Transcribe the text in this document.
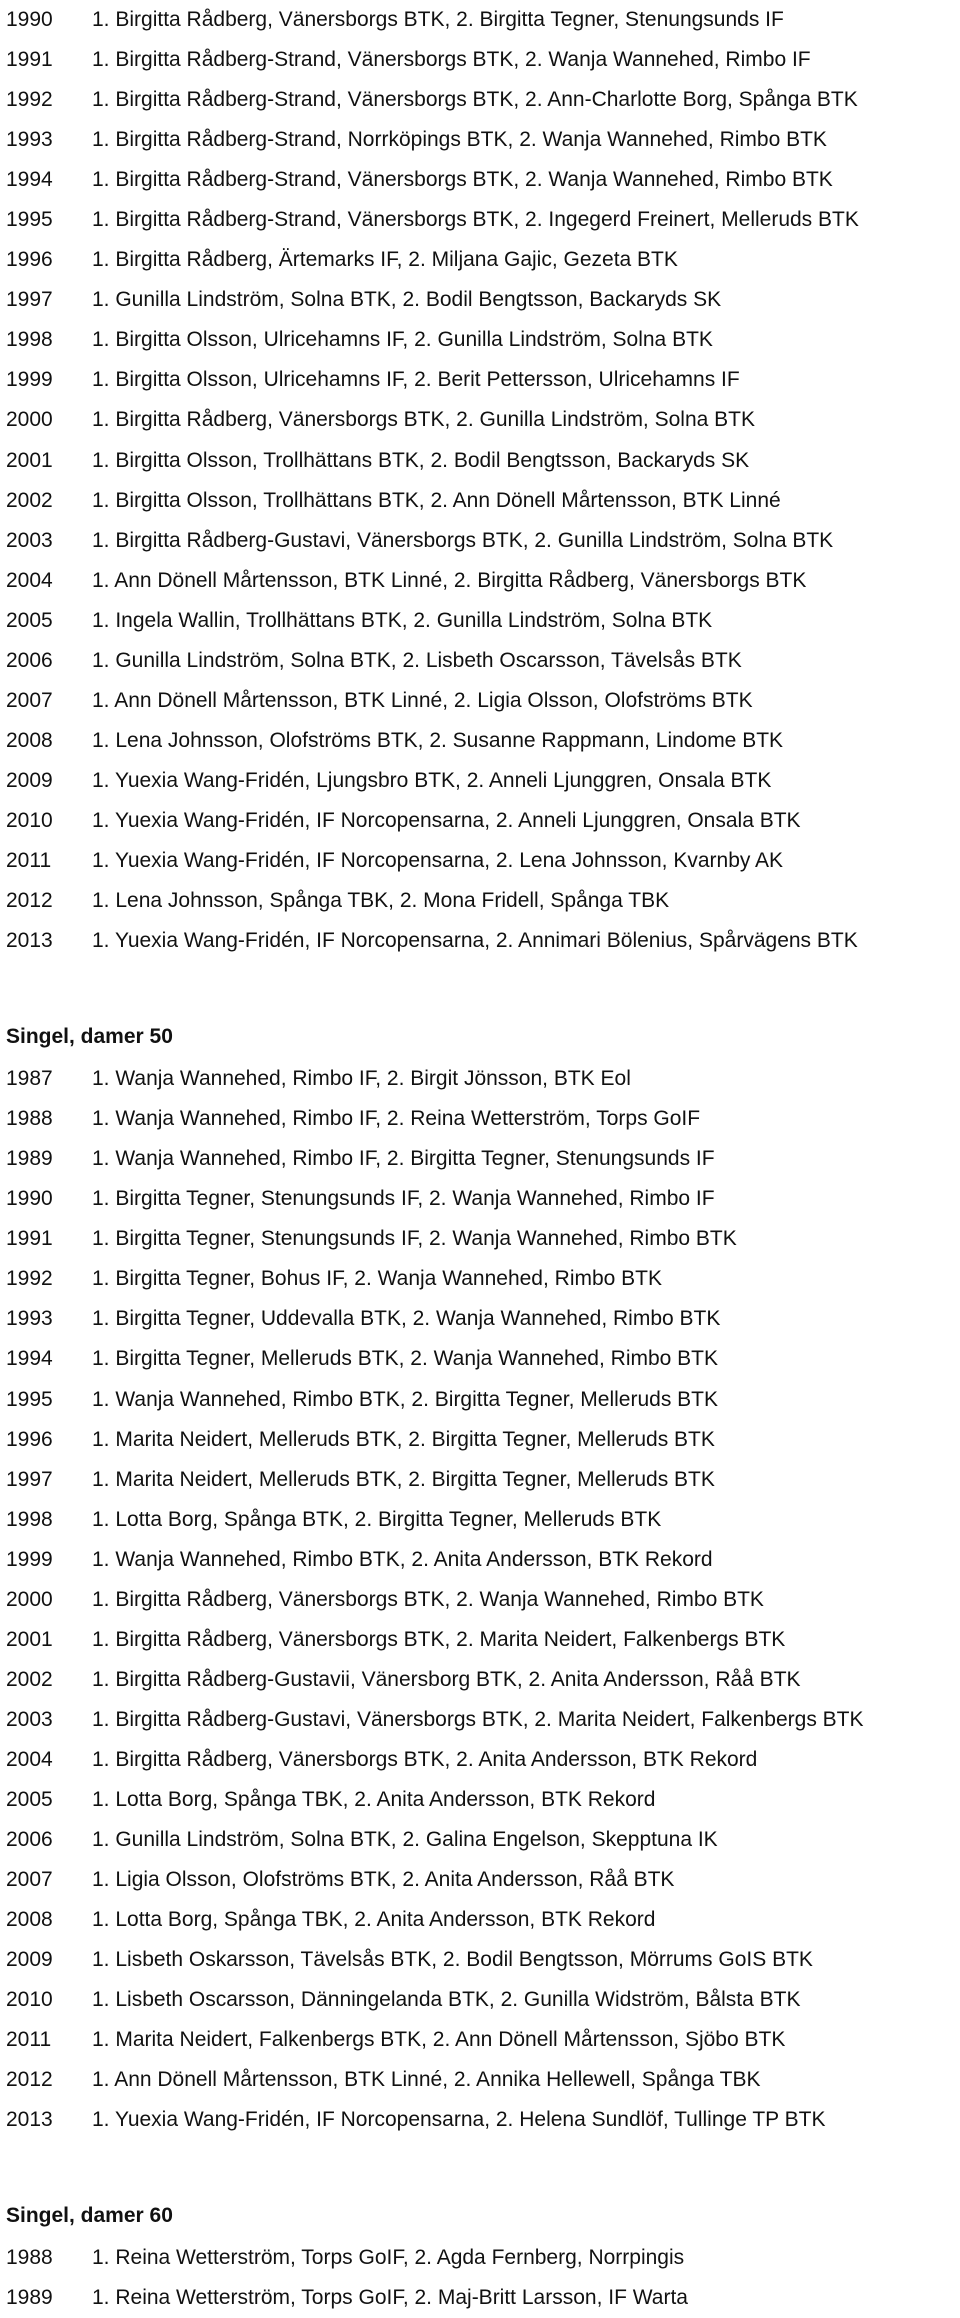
1990 1. Birgitta Rådberg, Vänersborgs BTK, 2. Birgitta Tegner, Stenungsunds IF
1991 1. Birgitta Rådberg-Strand, Vänersborgs BTK, 2. Wanja Wannehed, Rimbo IF
1992 1. Birgitta Rådberg-Strand, Vänersborgs BTK, 2. Ann-Charlotte Borg, Spånga BTK
1993 1. Birgitta Rådberg-Strand, Norrköpings BTK, 2. Wanja Wannehed, Rimbo BTK
1994 1. Birgitta Rådberg-Strand, Vänersborgs BTK, 2. Wanja Wannehed, Rimbo BTK
1995 1. Birgitta Rådberg-Strand, Vänersborgs BTK, 2. Ingegerd Freinert, Melleruds BTK
1996 1. Birgitta Rådberg, Ärtemarks IF, 2. Miljana Gajic, Gezeta BTK
1997 1. Gunilla Lindström, Solna BTK, 2. Bodil Bengtsson, Backaryds SK
1998 1. Birgitta Olsson, Ulricehamns IF, 2. Gunilla Lindström, Solna BTK
1999 1. Birgitta Olsson, Ulricehamns IF, 2. Berit Pettersson, Ulricehamns IF
2000 1. Birgitta Rådberg, Vänersborgs BTK, 2. Gunilla Lindström, Solna BTK
2001 1. Birgitta Olsson, Trollhättans BTK, 2. Bodil Bengtsson, Backaryds SK
2002 1. Birgitta Olsson, Trollhättans BTK, 2. Ann Dönell Mårtensson, BTK Linné
2003 1. Birgitta Rådberg-Gustavi, Vänersborgs BTK, 2. Gunilla Lindström, Solna BTK
2004 1. Ann Dönell Mårtensson, BTK Linné, 2. Birgitta Rådberg, Vänersborgs BTK
2005 1. Ingela Wallin, Trollhättans BTK, 2. Gunilla Lindström, Solna BTK
2006 1. Gunilla Lindström, Solna BTK, 2. Lisbeth Oscarsson, Tävelsås BTK
2007 1. Ann Dönell Mårtensson, BTK Linné, 2. Ligia Olsson, Olofströms BTK
2008 1. Lena Johnsson, Olofströms BTK, 2. Susanne Rappmann, Lindome BTK
2009 1. Yuexia Wang-Fridén, Ljungsbro BTK, 2. Anneli Ljunggren, Onsala BTK
2010 1. Yuexia Wang-Fridén, IF Norcopensarna, 2. Anneli Ljunggren, Onsala BTK
2011 1. Yuexia Wang-Fridén, IF Norcopensarna, 2. Lena Johnsson, Kvarnby AK
2012 1. Lena Johnsson, Spånga TBK, 2. Mona Fridell, Spånga TBK
2013 1. Yuexia Wang-Fridén, IF Norcopensarna, 2. Annimari Bölenius, Spårvägens BTK
Singel, damer 50
1987 1. Wanja Wannehed, Rimbo IF, 2. Birgit Jönsson, BTK Eol
1988 1. Wanja Wannehed, Rimbo IF, 2. Reina Wetterström, Torps GoIF
1989 1. Wanja Wannehed, Rimbo IF, 2. Birgitta Tegner, Stenungsunds IF
1990 1. Birgitta Tegner, Stenungsunds IF, 2. Wanja Wannehed, Rimbo IF
1991 1. Birgitta Tegner, Stenungsunds IF, 2. Wanja Wannehed, Rimbo BTK
1992 1. Birgitta Tegner, Bohus IF, 2. Wanja Wannehed, Rimbo BTK
1993 1. Birgitta Tegner, Uddevalla BTK, 2. Wanja Wannehed, Rimbo BTK
1994 1. Birgitta Tegner, Melleruds BTK, 2. Wanja Wannehed, Rimbo BTK
1995 1. Wanja Wannehed, Rimbo BTK, 2. Birgitta Tegner, Melleruds BTK
1996 1. Marita Neidert, Melleruds BTK, 2. Birgitta Tegner, Melleruds BTK
1997 1. Marita Neidert, Melleruds BTK, 2. Birgitta Tegner, Melleruds BTK
1998 1. Lotta Borg, Spånga BTK, 2. Birgitta Tegner, Melleruds BTK
1999 1. Wanja Wannehed, Rimbo BTK, 2. Anita Andersson, BTK Rekord
2000 1. Birgitta Rådberg, Vänersborgs BTK, 2. Wanja Wannehed, Rimbo BTK
2001 1. Birgitta Rådberg, Vänersborgs BTK, 2. Marita Neidert, Falkenbergs BTK
2002 1. Birgitta Rådberg-Gustavii, Vänersborg BTK, 2. Anita Andersson, Råå BTK
2003 1. Birgitta Rådberg-Gustavi, Vänersborgs BTK, 2. Marita Neidert, Falkenbergs BTK
2004 1. Birgitta Rådberg, Vänersborgs BTK, 2. Anita Andersson, BTK Rekord
2005 1. Lotta Borg, Spånga TBK, 2. Anita Andersson, BTK Rekord
2006 1. Gunilla Lindström, Solna BTK, 2. Galina Engelson, Skepptuna IK
2007 1. Ligia Olsson, Olofströms BTK, 2. Anita Andersson, Råå BTK
2008 1. Lotta Borg, Spånga TBK, 2. Anita Andersson, BTK Rekord
2009 1. Lisbeth Oskarsson, Tävelsås BTK, 2. Bodil Bengtsson, Mörrums GoIS BTK
2010 1. Lisbeth Oscarsson, Dänningelanda BTK, 2. Gunilla Widström, Bålsta BTK
2011 1. Marita Neidert, Falkenbergs BTK, 2. Ann Dönell Mårtensson, Sjöbo BTK
2012 1. Ann Dönell Mårtensson, BTK Linné, 2. Annika Hellewell, Spånga TBK
2013 1. Yuexia Wang-Fridén, IF Norcopensarna, 2. Helena Sundlöf, Tullinge TP BTK
Singel, damer 60
1988 1. Reina Wetterström, Torps GoIF, 2. Agda Fernberg, Norrpingis
1989 1. Reina Wetterström, Torps GoIF, 2. Maj-Britt Larsson, IF Warta
